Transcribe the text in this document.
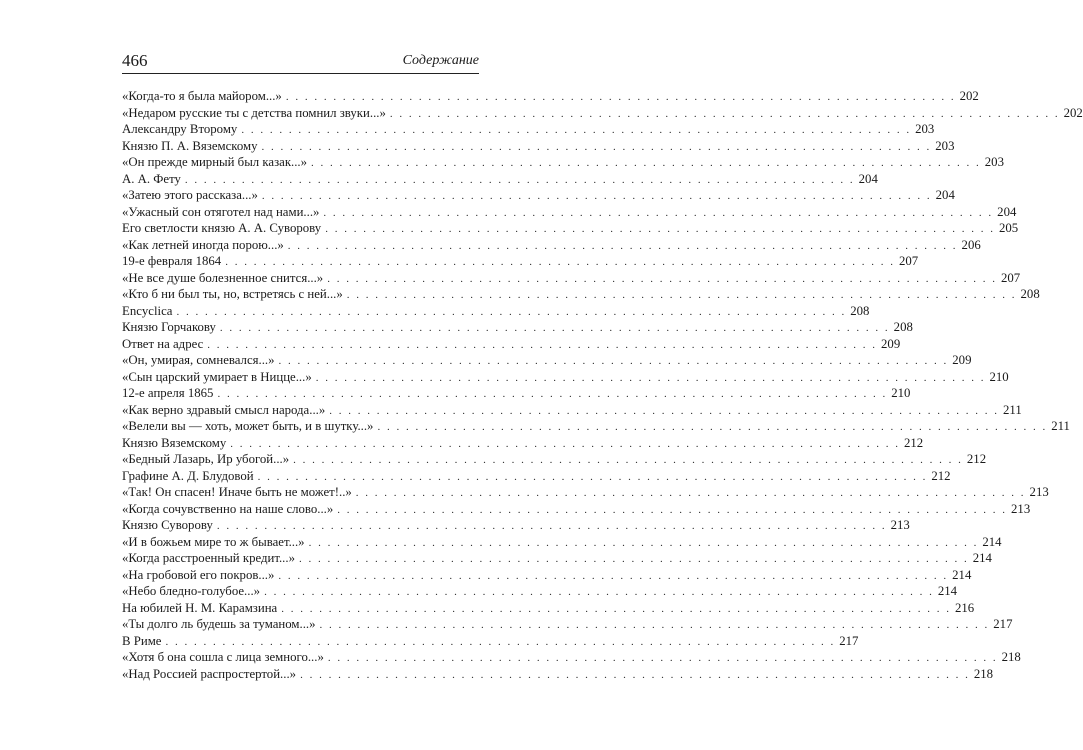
466	Содержание
«Когда-то я была майором...» . . .	202
«Недаром русские ты с детства помнил звуки...» . . .	202
Александру Второму . . .	203
Князю П. А. Вяземскому . . .	203
«Он прежде мирный был казак...» . . .	203
А. А. Фету . . .	204
«Затею этого рассказа...» . . .	204
«Ужасный сон отяготел над нами...» . . .	204
Его светлости князю А. А. Суворову . . .	205
«Как летней иногда порою...» . . .	206
19-е февраля 1864 . . .	207
«Не все душе болезненное снится...» . . .	207
«Кто б ни был ты, но, встретясь с ней...» . . .	208
Encyclica . . .	208
Князю Горчакову . . .	208
Ответ на адрес . . .	209
«Он, умирая, сомневался...» . . .	209
«Сын царский умирает в Ницце...» . . .	210
12-е апреля 1865 . . .	210
«Как верно здравый смысл народа...» . . .	211
«Велели вы — хоть, может быть, и в шутку...» . . .	211
Князю Вяземскому . . .	212
«Бедный Лазарь, Ир убогой...» . . .	212
Графине А. Д. Блудовой . . .	212
«Так! Он спасен! Иначе быть не может!..» . . .	213
«Когда сочувственно на наше слово...» . . .	213
Князю Суворову . . .	213
«И в божьем мире то ж бывает...» . . .	214
«Когда расстроенный кредит...» . . .	214
«На гробовой его покров...» . . .	214
«Небо бледно-голубое...» . . .	214
На юбилей Н. М. Карамзина . . .	216
«Ты долго ль будешь за туманом...» . . .	217
В Риме . . .	217
«Хотя б она сошла с лица земного...» . . .	218
«Над Россией распростертой...» . . .	218
